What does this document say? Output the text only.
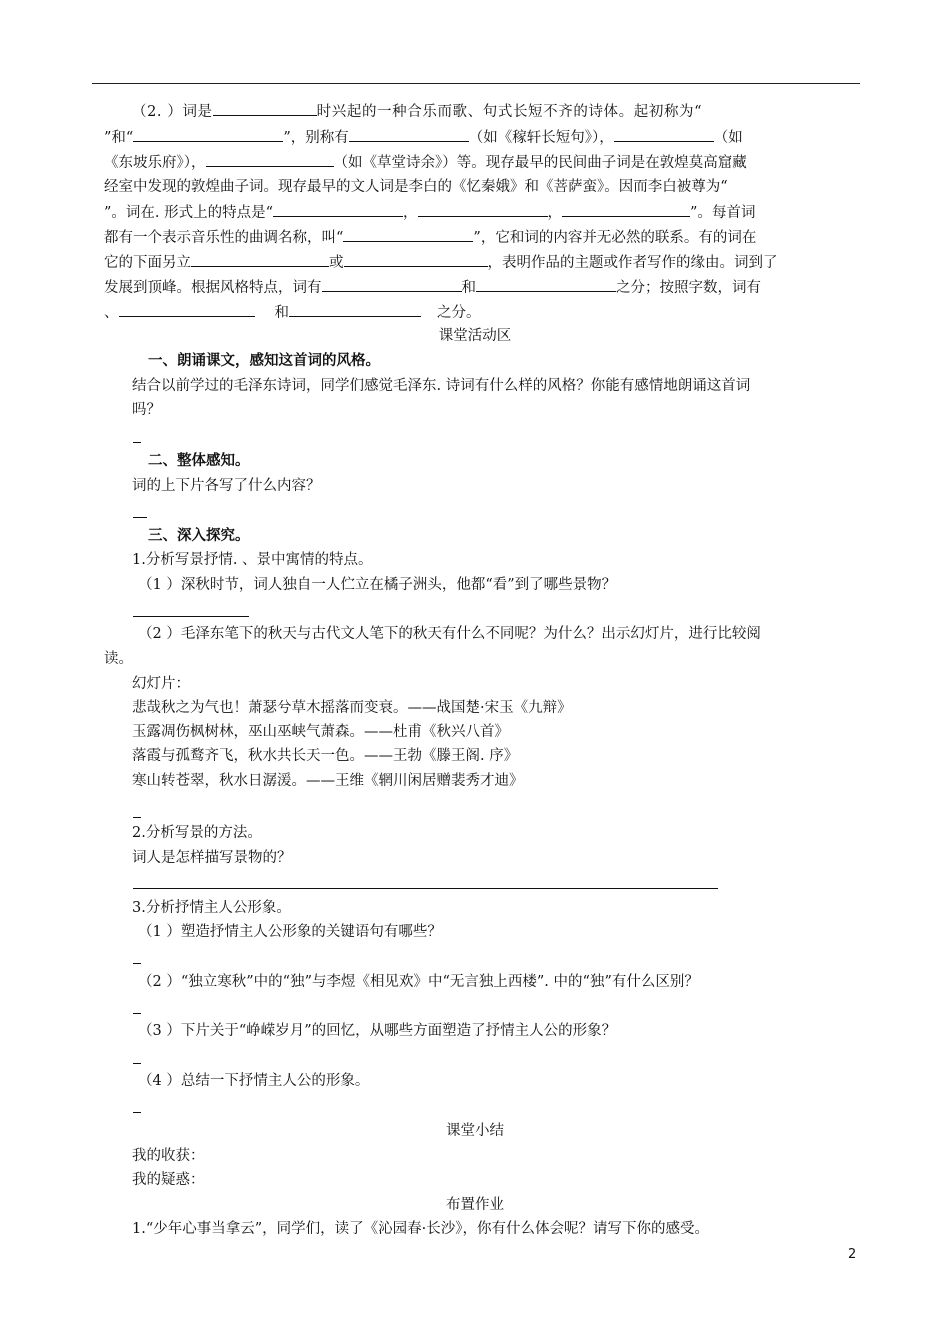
（2. ）词是	时兴起的一种合乐而歌、句式长短不齐的诗体。起初称为“
”和“	”，别称有	（如《稼轩长短句》），	（如
《东坡乐府》），	（如《草堂诗余》）等。现存最早的民间曲子词是在敦煌莫高窟藏
经室中发现的敦煌曲子词。现存最早的文人词是李白的《忆秦娥》和《菩萨蛮》。因而李白被尊为“
”。词在. 形式上的特点是“	，	，	”。每首词
都有一个表示音乐性的曲调名称，叫“	”，它和词的内容并无必然的联系。有的词在
它的下面另立	或	，表明作品的主题或作者写作的缘由。词到了
发展到顶峰。根据风格特点，词有	和	之分；按照字数，词有
、	和	之分。
课堂活动区
一、朗诵课文，感知这首词的风格。
结合以前学过的毛泽东诗词，同学们感觉毛泽东. 诗词有什么样的风格？你能有感情地朗诵这首词
吗？
二、整体感知。
词的上下片各写了什么内容？
三、深入探究。
1.分析写景抒情. 、景中寓情的特点。
（1 ）深秋时节，词人独自一人伫立在橘子洲头，他都“看”到了哪些景物？
（2 ）毛泽东笔下的秋天与古代文人笔下的秋天有什么不同呢？为什么？出示幻灯片，进行比较阅
读。
幻灯片：
悲哉秋之为气也！萧瑟兮草木摇落而变衰。——战国楚·宋玉《九辩》
玉露凋伤枫树林，巫山巫峡气萧森。——杜甫《秋兴八首》
落霞与孤鹜齐飞，秋水共长天一色。——王勃《滕王阁. 序》
寒山转苍翠，秋水日潺湲。——王维《辋川闲居赠裴秀才迪》
2.分析写景的方法。
词人是怎样描写景物的？
3.分析抒情主人公形象。
（1 ）塑造抒情主人公形象的关键语句有哪些？
（2 ）“独立寒秋”中的“独”与李煜《相见欢》中“无言独上西楼”. 中的“独”有什么区别？
（3 ）下片关于“峥嵘岁月”的回忆，从哪些方面塑造了抒情主人公的形象？
（4 ）总结一下抒情主人公的形象。
课堂小结
我的收获：
我的疑惑：
布置作业
1.“少年心事当拿云”，同学们，读了《沁园春·长沙》，你有什么体会呢？请写下你的感受。
2
